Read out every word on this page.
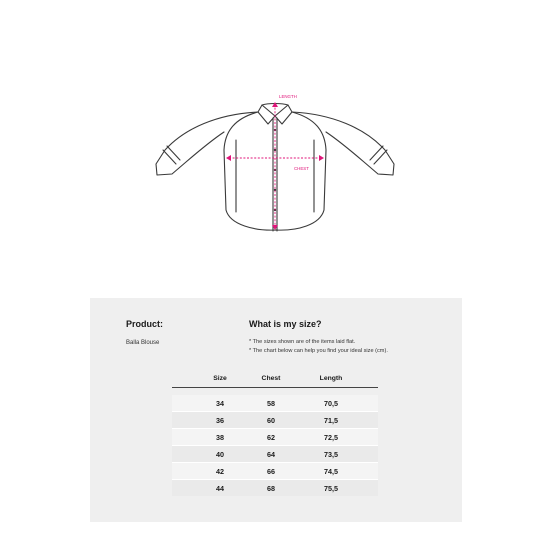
LENGTH
CHEST
Product:
Balla Blouse
What is my size?
* The sizes shown are of the items laid flat.
* The chart below can help you find your ideal size (cm).
Size	Chest	Length
34	58	70,5
36	60	71,5
38	62	72,5
40	64	73,5
42	66	74,5
44	68	75,5
